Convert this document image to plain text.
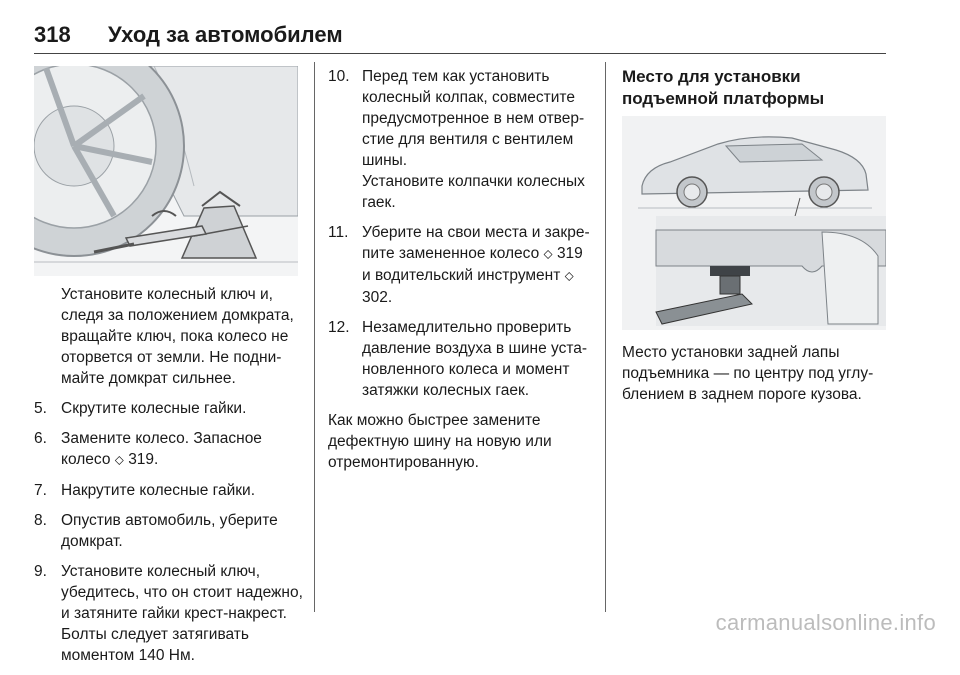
318 Уход за автомобилем

Установите колесный ключ и, следя за положением домкрата, вращайте ключ, пока колесо не оторвется от земли. Не поднимайте домкрат сильнее.

5. Скрутите колесные гайки.
6. Замените колесо. Запасное колесо ⬦ 319.
7. Накрутите колесные гайки.
8. Опустив автомобиль, уберите домкрат.
9. Установите колесный ключ, убедитесь, что он стоит надежно, и затяните гайки крест-накрест. Болты следует затягивать моментом 140 Нм.
10. Перед тем как установить колесный колпак, совместите предусмотренное в нем отверстие для вентиля с вентилем шины.

Установите колпачки колесных гаек.

11. Уберите на свои места и закрепите замененное колесо ⬦ 319 и водительский инструмент ⬦ 302.
12. Незамедлительно проверить давление воздуха в шине установленного колеса и момент затяжки колесных гаек.

Как можно быстрее замените дефектную шину на новую или отремонтированную.

Место для установки подъемной платформы

Место установки задней лапы подъемника — по центру под углублением в заднем пороге кузова.

carmanualsonline.info
